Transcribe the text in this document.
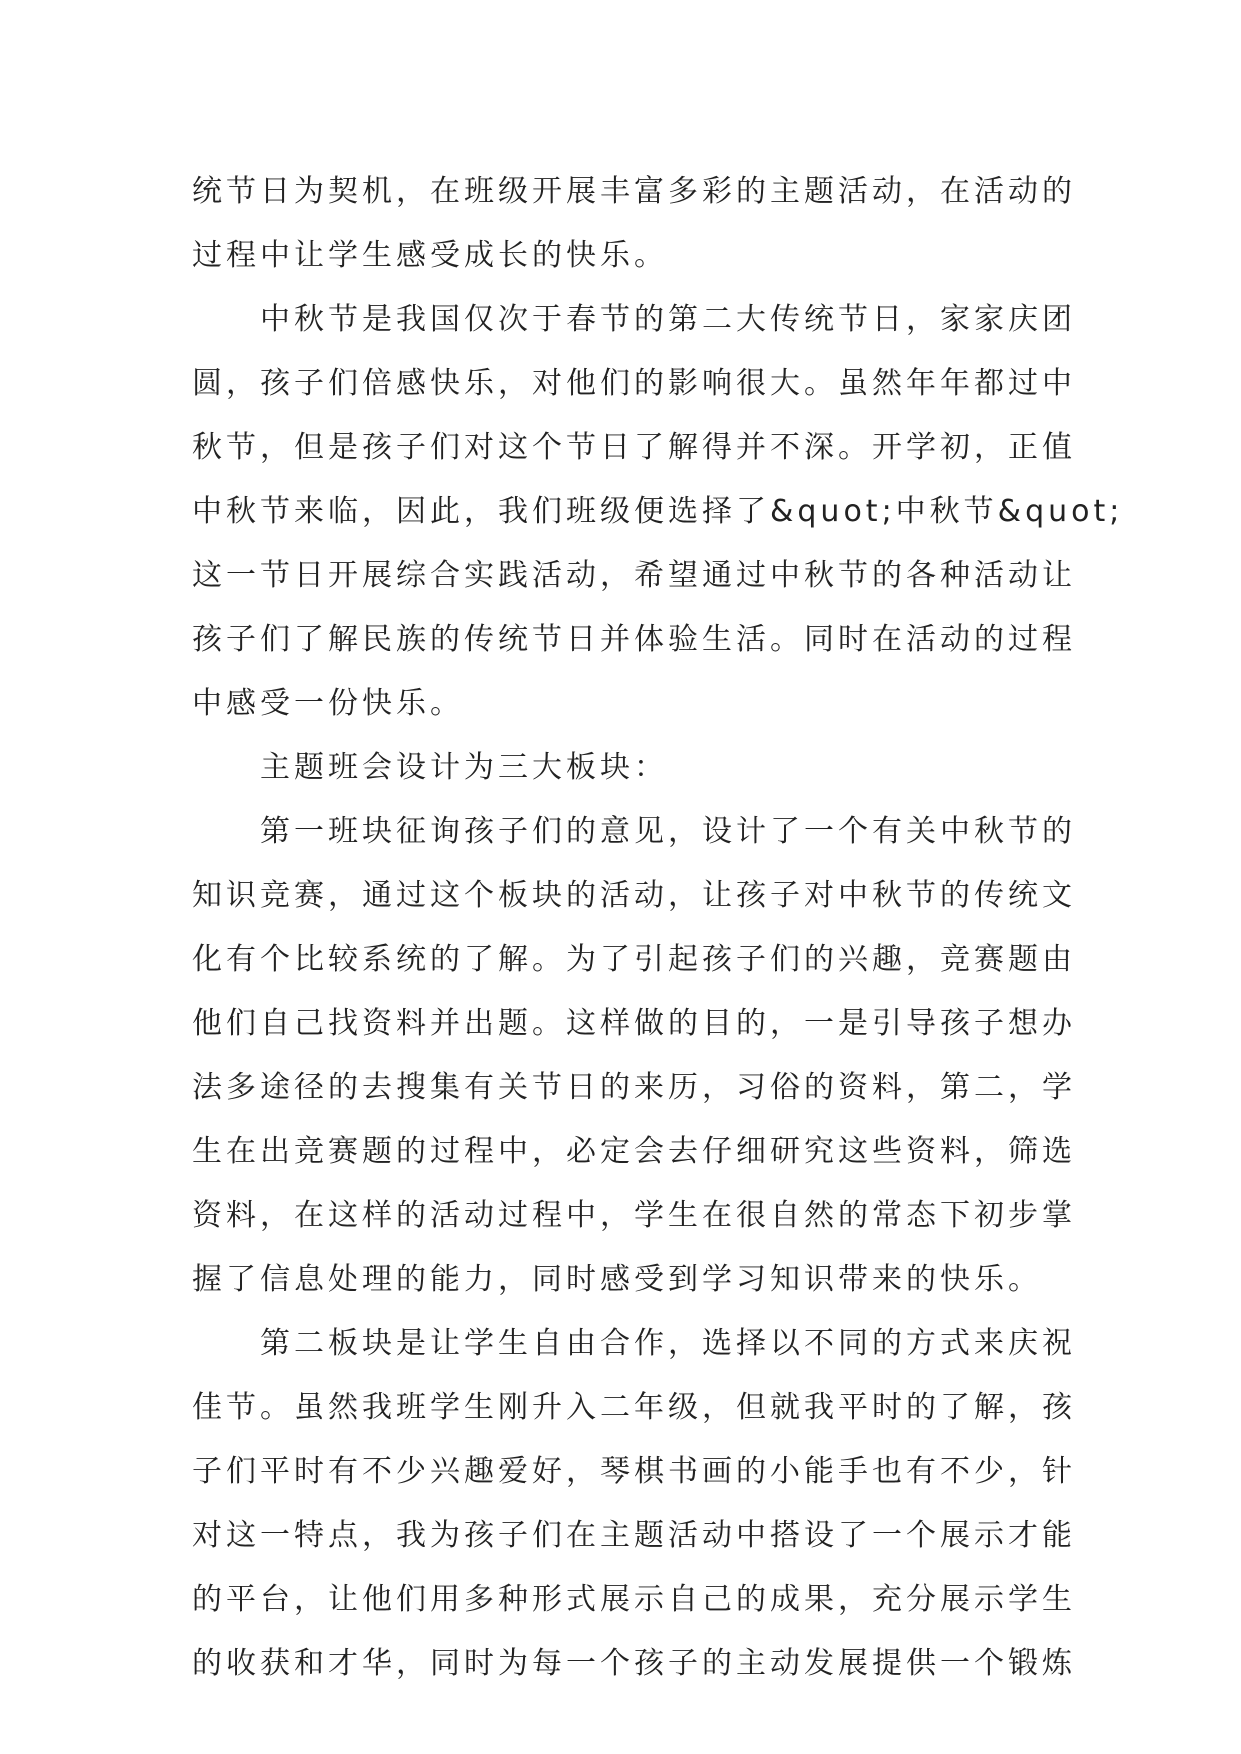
统节日为契机，在班级开展丰富多彩的主题活动，在活动的
过程中让学生感受成长的快乐。
　　中秋节是我国仅次于春节的第二大传统节日，家家庆团
圆，孩子们倍感快乐，对他们的影响很大。虽然年年都过中
秋节，但是孩子们对这个节日了解得并不深。开学初，正值
中秋节来临，因此，我们班级便选择了&quot;中秋节&quot;
这一节日开展综合实践活动，希望通过中秋节的各种活动让
孩子们了解民族的传统节日并体验生活。同时在活动的过程
中感受一份快乐。
　　主题班会设计为三大板块：
　　第一班块征询孩子们的意见，设计了一个有关中秋节的
知识竞赛，通过这个板块的活动，让孩子对中秋节的传统文
化有个比较系统的了解。为了引起孩子们的兴趣，竞赛题由
他们自己找资料并出题。这样做的目的，一是引导孩子想办
法多途径的去搜集有关节日的来历，习俗的资料，第二，学
生在出竞赛题的过程中，必定会去仔细研究这些资料，筛选
资料，在这样的活动过程中，学生在很自然的常态下初步掌
握了信息处理的能力，同时感受到学习知识带来的快乐。
　　第二板块是让学生自由合作，选择以不同的方式来庆祝
佳节。虽然我班学生刚升入二年级，但就我平时的了解，孩
子们平时有不少兴趣爱好，琴棋书画的小能手也有不少，针
对这一特点，我为孩子们在主题活动中搭设了一个展示才能
的平台，让他们用多种形式展示自己的成果，充分展示学生
的收获和才华，同时为每一个孩子的主动发展提供一个锻炼
